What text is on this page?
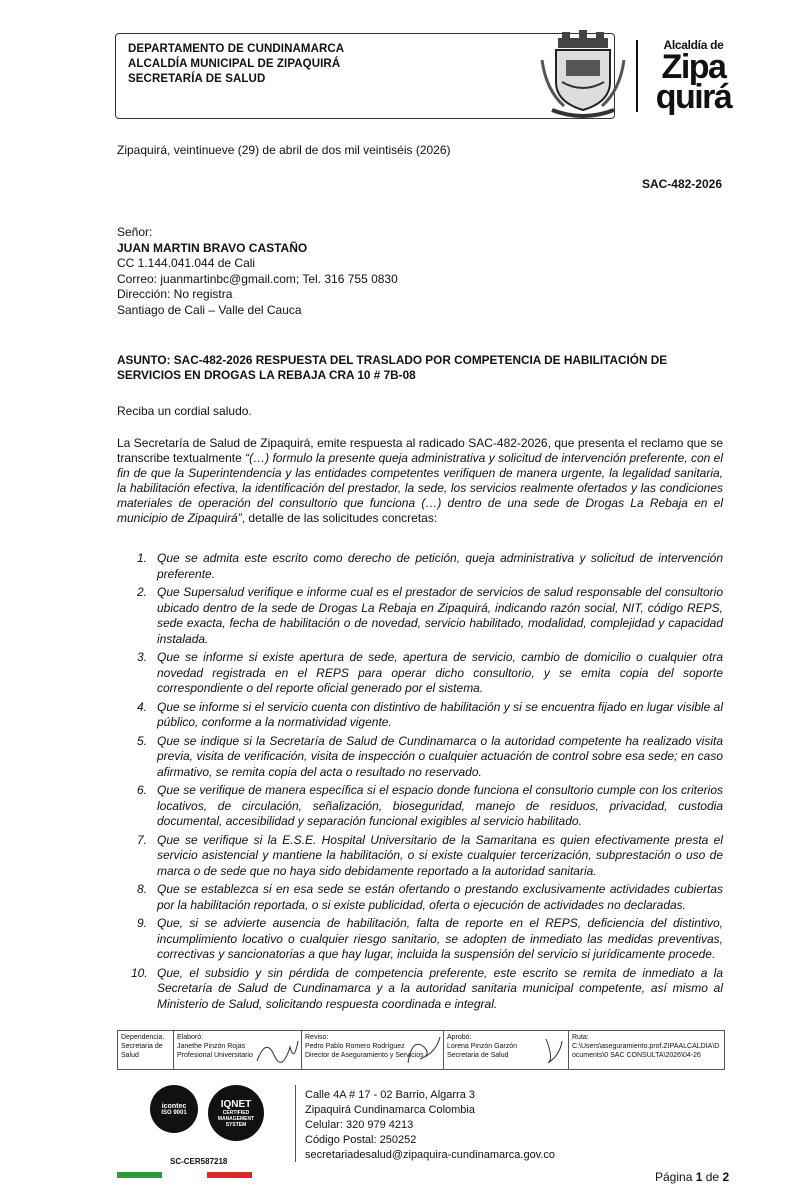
DEPARTAMENTO DE CUNDINAMARCA
ALCALDÍA MUNICIPAL DE ZIPAQUIRÁ
SECRETARÍA DE SALUD
Alcaldía de
Zipa
quirá
Zipaquirá, veintinueve (29) de abril de dos mil veintiséis (2026)
SAC-482-2026
Señor:
JUAN MARTIN BRAVO CASTAÑO
CC 1.144.041.044 de Cali
Correo: juanmartinbc@gmail.com; Tel. 316 755 0830
Dirección: No registra
Santiago de Cali – Valle del Cauca
ASUNTO: SAC-482-2026 RESPUESTA DEL TRASLADO POR COMPETENCIA DE HABILITACIÓN DE SERVICIOS EN DROGAS LA REBAJA CRA 10 # 7B-08
Reciba un cordial saludo.
La Secretaría de Salud de Zipaquirá, emite respuesta al radicado SAC-482-2026, que presenta el reclamo que se transcribe textualmente “(…) formulo la presente queja administrativa y solicitud de intervención preferente, con el fin de que la Superintendencia y las entidades competentes verifiquen de manera urgente, la legalidad sanitaria, la habilitación efectiva, la identificación del prestador, la sede, los servicios realmente ofertados y las condiciones materiales de operación del consultorio que funciona (…) dentro de una sede de Drogas La Rebaja en el municipio de Zipaquirá”, detalle de las solicitudes concretas:
1. Que se admita este escrito como derecho de petición, queja administrativa y solicitud de intervención preferente.
2. Que Supersalud verifique e informe cual es el prestador de servicios de salud responsable del consultorio ubicado dentro de la sede de Drogas La Rebaja en Zipaquirá, indicando razón social, NIT, código REPS, sede exacta, fecha de habilitación o de novedad, servicio habilitado, modalidad, complejidad y capacidad instalada.
3. Que se informe si existe apertura de sede, apertura de servicio, cambio de domicilio o cualquier otra novedad registrada en el REPS para operar dicho consultorio, y se emita copia del soporte correspondiente o del reporte oficial generado por el sistema.
4. Que se informe si el servicio cuenta con distintivo de habilitación y si se encuentra fijado en lugar visible al público, conforme a la normatividad vigente.
5. Que se indique si la Secretaría de Salud de Cundinamarca o la autoridad competente ha realizado visita previa, visita de verificación, visita de inspección o cualquier actuación de control sobre esa sede; en caso afirmativo, se remita copia del acta o resultado no reservado.
6. Que se verifique de manera específica si el espacio donde funciona el consultorio cumple con los criterios locativos, de circulación, señalización, bioseguridad, manejo de residuos, privacidad, custodia documental, accesibilidad y separación funcional exigibles al servicio habilitado.
7. Que se verifique si la E.S.E. Hospital Universitario de la Samaritana es quien efectivamente presta el servicio asistencial y mantiene la habilitación, o si existe cualquier tercerización, subprestación o uso de marca o de sede que no haya sido debidamente reportado a la autoridad sanitaria.
8. Que se establezca si en esa sede se están ofertando o prestando exclusivamente actividades cubiertas por la habilitación reportada, o si existe publicidad, oferta o ejecución de actividades no declaradas.
9. Que, si se advierte ausencia de habilitación, falta de reporte en el REPS, deficiencia del distintivo, incumplimiento locativo o cualquier riesgo sanitario, se adopten de inmediato las medidas preventivas, correctivas y sancionatorias a que hay lugar, incluida la suspensión del servicio si jurídicamente procede.
10. Que, el subsidio y sin pérdida de competencia preferente, este escrito se remita de inmediato a la Secretaría de Salud de Cundinamarca y a la autoridad sanitaria municipal competente, así mismo al Ministerio de Salud, solicitando respuesta coordinada e integral.
Dependencia.
Secretaria de Salud
Elaboró:
Janethe Pinzón Rojas
Profesional Universitario
Reviso:
Pedro Pablo Romero Rodríguez
Director de Aseguramiento y Servicios
Aprobó:
Lorena Pinzón Garzón
Secretaria de Salud
Ruta:
C:\Users\aseguramiento.prof.ZIPAALCALDIA\Documents\0 SAC CONSULTA\2026\04-26
icontec
ISO 9001
IQNET
CERTIFIED MANAGEMENT SYSTEM
SC-CER587218
Calle 4A # 17 - 02 Barrio, Algarra 3
Zipaquirá Cundinamarca Colombia
Celular: 320 979 4213
Código Postal: 250252
secretariadesalud@zipaquira-cundinamarca.gov.co
Página 1 de 2
